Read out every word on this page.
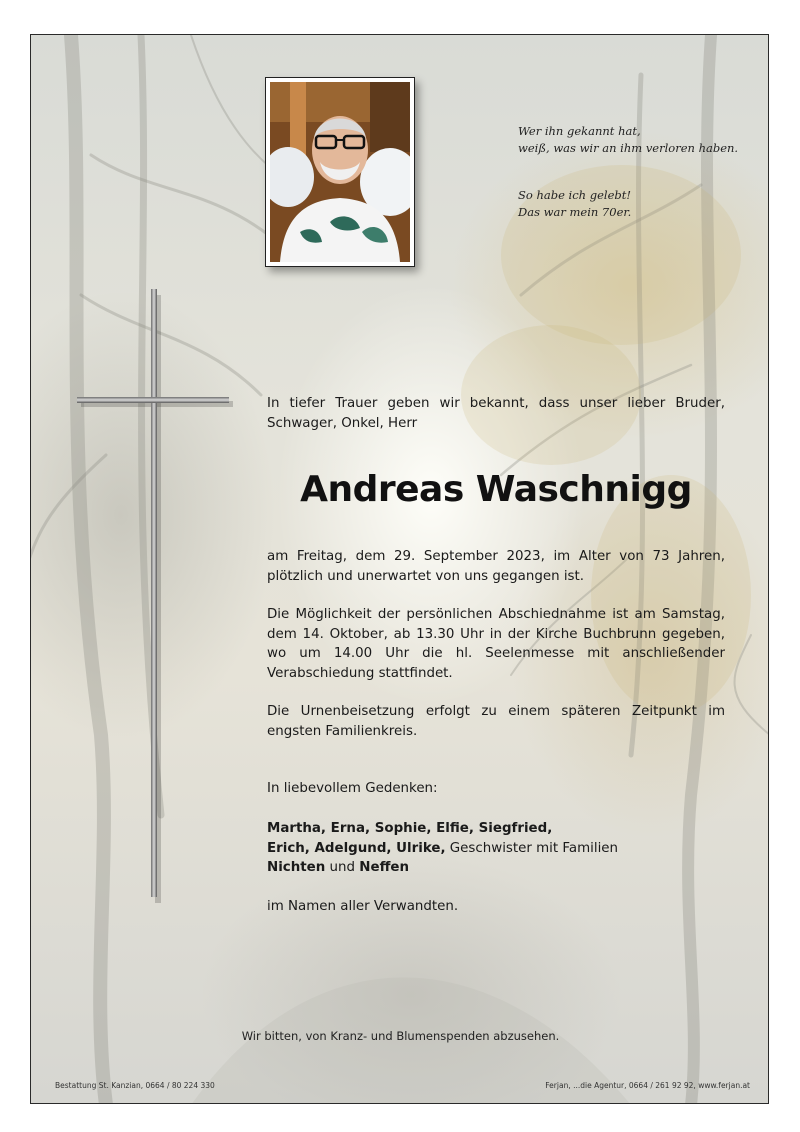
Wer ihn gekannt hat,

weiß, was wir an ihm verloren haben.

So habe ich gelebt!

Das war mein 70er.

In tiefer Trauer geben wir bekannt, dass unser lieber Bruder, Schwager, Onkel, Herr

Andreas Waschnigg

am Freitag, dem 29. September 2023, im Alter von 73 Jahren, plötzlich und unerwartet von uns gegangen ist.

Die Möglichkeit der persönlichen Abschiednahme ist am Samstag, dem 14. Oktober, ab 13.30 Uhr in der Kirche Buchbrunn gegeben, wo um 14.00 Uhr die hl. Seelenmesse mit anschließender Verabschiedung stattfindet.

Die Urnenbeisetzung erfolgt zu einem späteren Zeitpunkt im engsten Familienkreis.

In liebevollem Gedenken:

Martha, Erna, Sophie, Elfie, Siegfried,

Erich, Adelgund, Ulrike, Geschwister mit Familien

Nichten und Neffen

im Namen aller Verwandten.

Wir bitten, von Kranz- und Blumenspenden abzusehen.
Bestattung St. Kanzian, 0664 / 80 224 330	Ferjan, ...die Agentur, 0664 / 261 92 92, www.ferjan.at
